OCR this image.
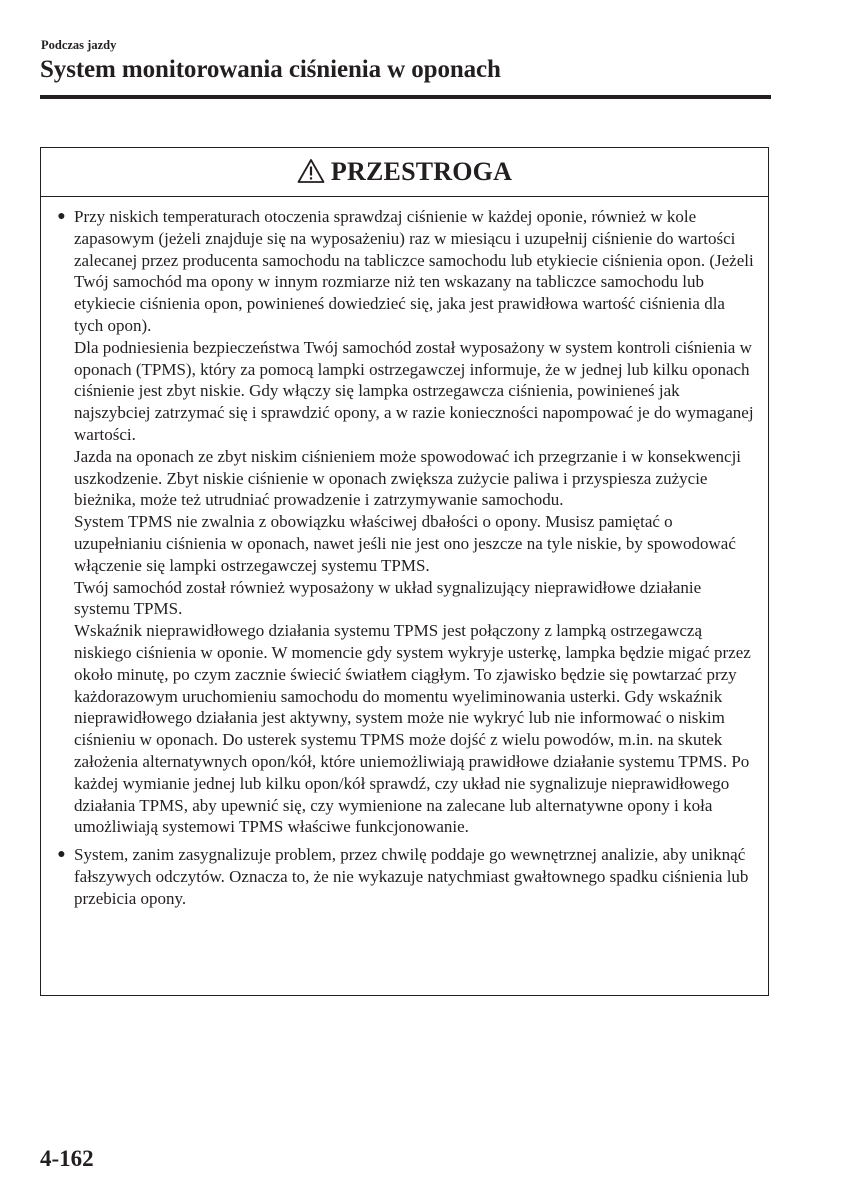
Podczas jazdy
System monitorowania ciśnienia w oponach
PRZESTROGA
● Przy niskich temperaturach otoczenia sprawdzaj ciśnienie w każdej oponie, również w kole zapasowym (jeżeli znajduje się na wyposażeniu) raz w miesiącu i uzupełnij ciśnienie do wartości zalecanej przez producenta samochodu na tabliczce samochodu lub etykiecie ciśnienia opon. (Jeżeli Twój samochód ma opony w innym rozmiarze niż ten wskazany na tabliczce samochodu lub etykiecie ciśnienia opon, powinieneś dowiedzieć się, jaka jest prawidłowa wartość ciśnienia dla tych opon).

Dla podniesienia bezpieczeństwa Twój samochód został wyposażony w system kontroli ciśnienia w oponach (TPMS), który za pomocą lampki ostrzegawczej informuje, że w jednej lub kilku oponach ciśnienie jest zbyt niskie. Gdy włączy się lampka ostrzegawcza ciśnienia, powinieneś jak najszybciej zatrzymać się i sprawdzić opony, a w razie konieczności napompować je do wymaganej wartości.

Jazda na oponach ze zbyt niskim ciśnieniem może spowodować ich przegrzanie i w konsekwencji uszkodzenie. Zbyt niskie ciśnienie w oponach zwiększa zużycie paliwa i przyspiesza zużycie bieżnika, może też utrudniać prowadzenie i zatrzymywanie samochodu.

System TPMS nie zwalnia z obowiązku właściwej dbałości o opony. Musisz pamiętać o uzupełnianiu ciśnienia w oponach, nawet jeśli nie jest ono jeszcze na tyle niskie, by spowodować włączenie się lampki ostrzegawczej systemu TPMS.

Twój samochód został również wyposażony w układ sygnalizujący nieprawidłowe działanie systemu TPMS.

Wskaźnik nieprawidłowego działania systemu TPMS jest połączony z lampką ostrzegawczą niskiego ciśnienia w oponie. W momencie gdy system wykryje usterkę, lampka będzie migać przez około minutę, po czym zacznie świecić światłem ciągłym. To zjawisko będzie się powtarzać przy każdorazowym uruchomieniu samochodu do momentu wyeliminowania usterki. Gdy wskaźnik nieprawidłowego działania jest aktywny, system może nie wykryć lub nie informować o niskim ciśnieniu w oponach. Do usterek systemu TPMS może dojść z wielu powodów, m.in. na skutek założenia alternatywnych opon/kół, które uniemożliwiają prawidłowe działanie systemu TPMS. Po każdej wymianie jednej lub kilku opon/kół sprawdź, czy układ nie sygnalizuje nieprawidłowego działania TPMS, aby upewnić się, czy wymienione na zalecane lub alternatywne opony i koła umożliwiają systemowi TPMS właściwe funkcjonowanie.

● System, zanim zasygnalizuje problem, przez chwilę poddaje go wewnętrznej analizie, aby uniknąć fałszywych odczytów. Oznacza to, że nie wykazuje natychmiast gwałtownego spadku ciśnienia lub przebicia opony.

4-162
